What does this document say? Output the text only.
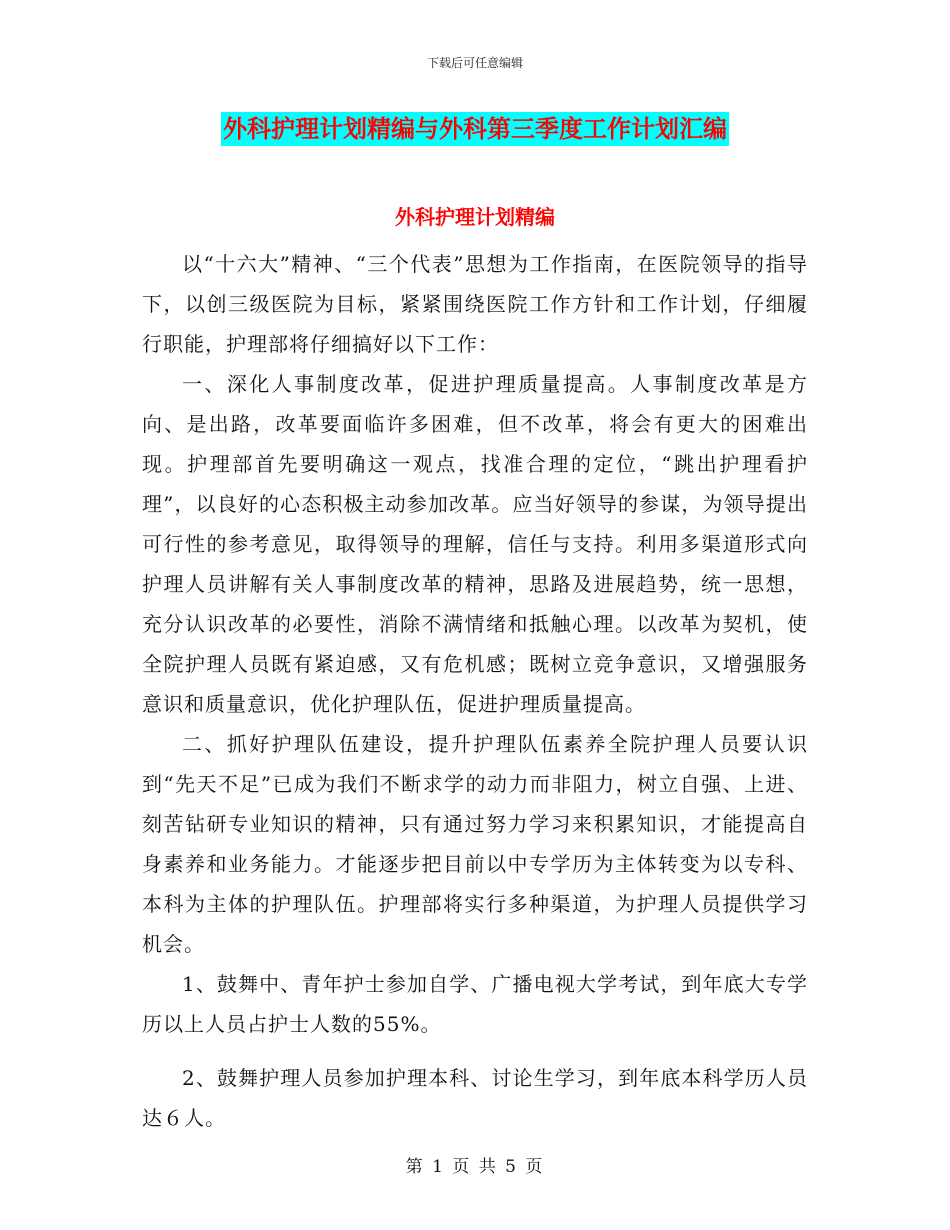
下载后可任意编辑
外科护理计划精编与外科第三季度工作计划汇编
外科护理计划精编

以“十六大”精神、“三个代表”思想为工作指南，在医院领导的指导下，以创三级医院为目标，紧紧围绕医院工作方针和工作计划，仔细履行职能，护理部将仔细搞好以下工作：

一、深化人事制度改革，促进护理质量提高。人事制度改革是方向、是出路，改革要面临许多困难，但不改革，将会有更大的困难出现。护理部首先要明确这一观点，找准合理的定位，“跳出护理看护理”，以良好的心态积极主动参加改革。应当好领导的参谋，为领导提出可行性的参考意见，取得领导的理解，信任与支持。利用多渠道形式向护理人员讲解有关人事制度改革的精神，思路及进展趋势，统一思想，充分认识改革的必要性，消除不满情绪和抵触心理。以改革为契机，使全院护理人员既有紧迫感，又有危机感；既树立竞争意识，又增强服务意识和质量意识，优化护理队伍，促进护理质量提高。

二、抓好护理队伍建设，提升护理队伍素养全院护理人员要认识到“先天不足”已成为我们不断求学的动力而非阻力，树立自强、上进、刻苦钻研专业知识的精神，只有通过努力学习来积累知识，才能提高自身素养和业务能力。才能逐步把目前以中专学历为主体转变为以专科、本科为主体的护理队伍。护理部将实行多种渠道，为护理人员提供学习机会。

1、鼓舞中、青年护士参加自学、广播电视大学考试，到年底大专学历以上人员占护士人数的55%。

2、鼓舞护理人员参加护理本科、讨论生学习，到年底本科学历人员达６人。

第 1 页 共 5 页
